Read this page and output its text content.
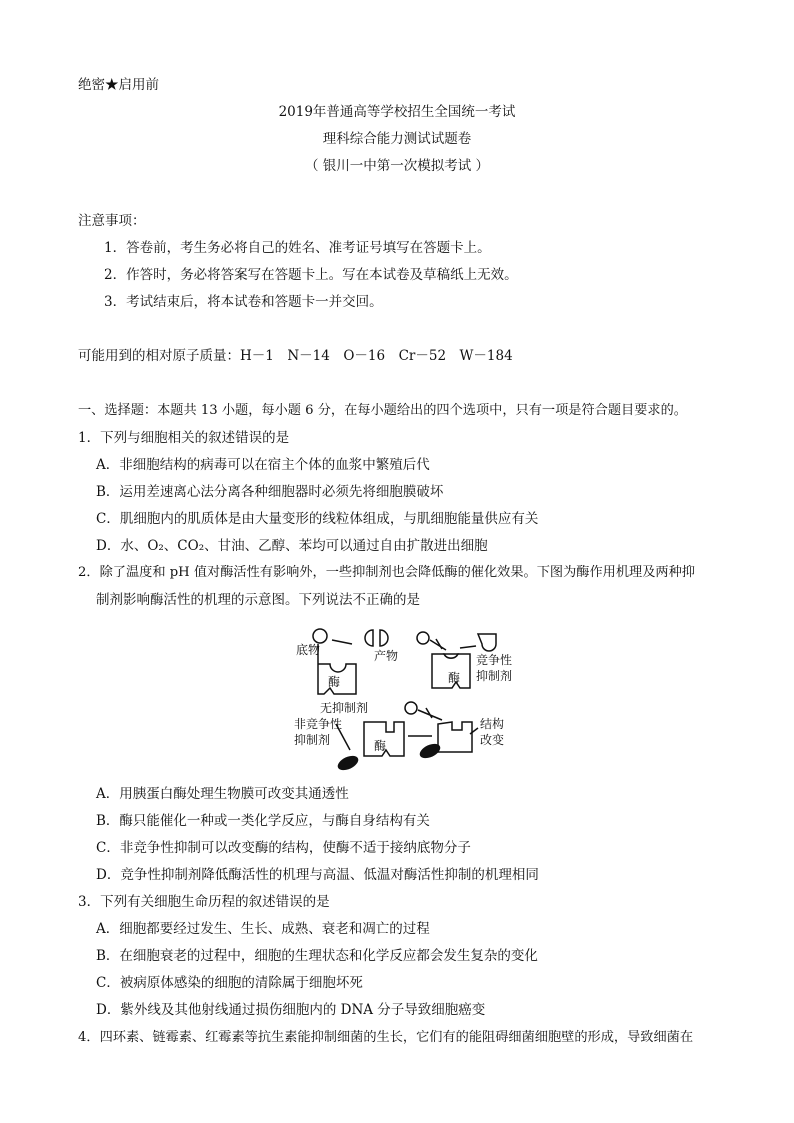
绝密★启用前
2019年普通高等学校招生全国统一考试
理科综合能力测试试题卷
（ 银川一中第一次模拟考试 ）
注意事项：
1．答卷前，考生务必将自己的姓名、准考证号填写在答题卡上。
2．作答时，务必将答案写在答题卡上。写在本试卷及草稿纸上无效。
3．考试结束后，将本试卷和答题卡一并交回。
可能用到的相对原子质量：H－1　N－14　O－16　Cr－52　W－184
一、选择题：本题共 13 小题，每小题 6 分，在每小题给出的四个选项中，只有一项是符合题目要求的。
1．下列与细胞相关的叙述错误的是
A．非细胞结构的病毒可以在宿主个体的血浆中繁殖后代
B．运用差速离心法分离各种细胞器时必须先将细胞膜破坏
C．肌细胞内的肌质体是由大量变形的线粒体组成，与肌细胞能量供应有关
D．水、O₂、CO₂、甘油、乙醇、苯均可以通过自由扩散进出细胞
2．除了温度和 pH 值对酶活性有影响外，一些抑制剂也会降低酶的催化效果。下图为酶作用机理及两种抑
制剂影响酶活性的机理的示意图。下列说法不正确的是
底物
酶
产物
无抑制剂
酶
竞争性
抑制剂
非竞争性
抑制剂	酶
结构
改变
A．用胰蛋白酶处理生物膜可改变其通透性
B．酶只能催化一种或一类化学反应，与酶自身结构有关
C．非竞争性抑制可以改变酶的结构，使酶不适于接纳底物分子
D．竞争性抑制剂降低酶活性的机理与高温、低温对酶活性抑制的机理相同
3．下列有关细胞生命历程的叙述错误的是
A．细胞都要经过发生、生长、成熟、衰老和凋亡的过程
B．在细胞衰老的过程中，细胞的生理状态和化学反应都会发生复杂的变化
C．被病原体感染的细胞的清除属于细胞坏死
D．紫外线及其他射线通过损伤细胞内的 DNA 分子导致细胞癌变
4．四环素、链霉素、红霉素等抗生素能抑制细菌的生长，它们有的能阻碍细菌细胞壁的形成，导致细菌在
